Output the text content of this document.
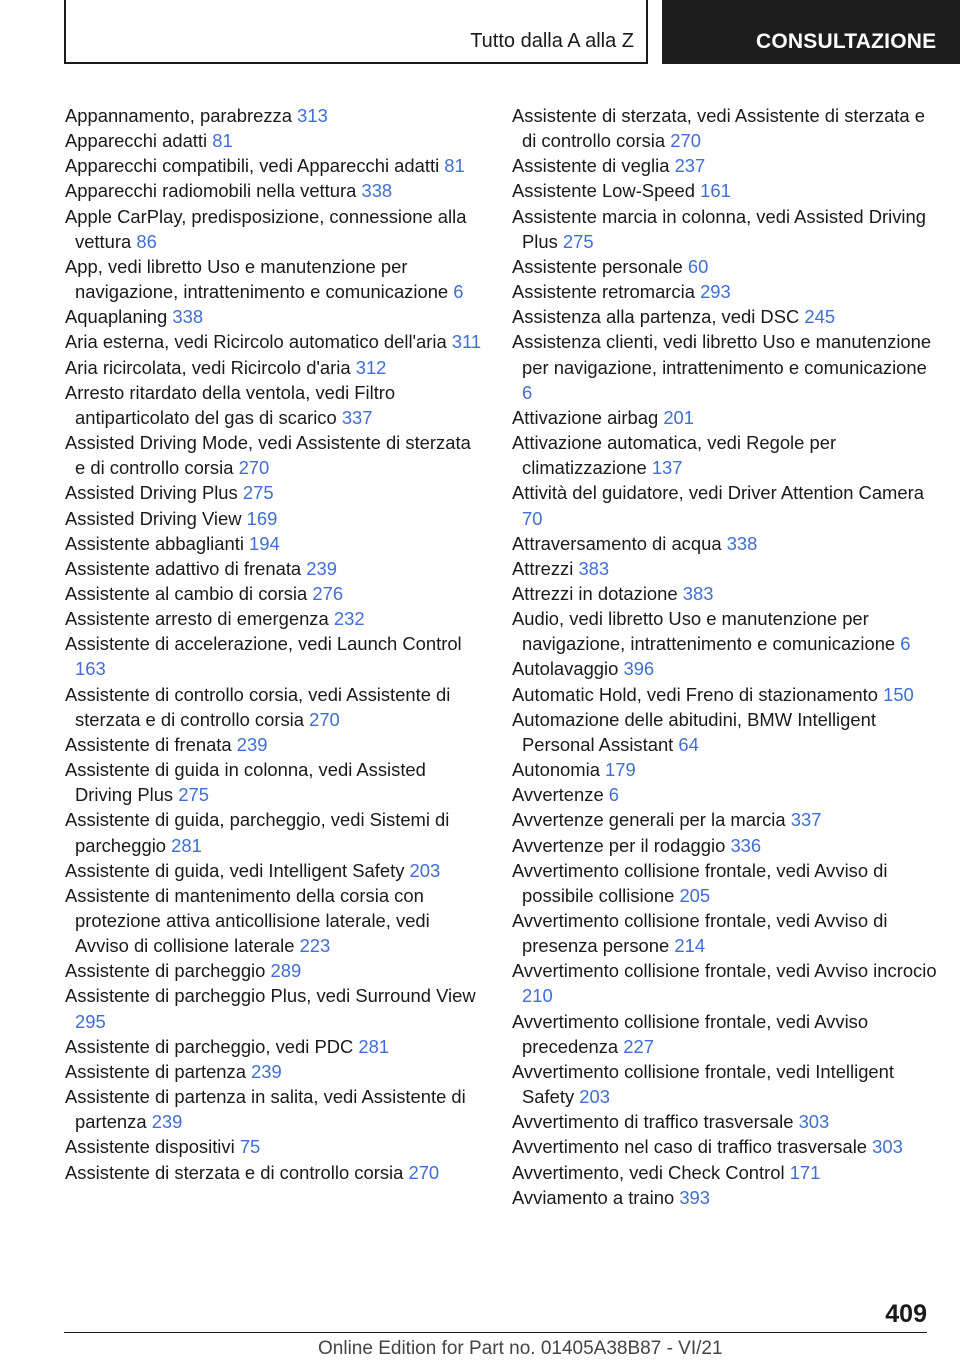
Tutto dalla A alla Z	CONSULTAZIONE

Appannamento, parabrezza 313

Apparecchi adatti 81

Apparecchi compatibili, vedi Apparecchi adatti 81

Apparecchi radiomobili nella vettura 338

Apple CarPlay, predisposizione, connessione alla vettura 86

App, vedi libretto Uso e manutenzione per navigazione, intrattenimento e comunicazione 6

Aquaplaning 338

Aria esterna, vedi Ricircolo automatico dell'aria 311

Aria ricircolata, vedi Ricircolo d'aria 312

Arresto ritardato della ventola, vedi Filtro antiparticolato del gas di scarico 337

Assisted Driving Mode, vedi Assistente di sterzata e di controllo corsia 270

Assisted Driving Plus 275

Assisted Driving View 169

Assistente abbaglianti 194

Assistente adattivo di frenata 239

Assistente al cambio di corsia 276

Assistente arresto di emergenza 232

Assistente di accelerazione, vedi Launch Control 163

Assistente di controllo corsia, vedi Assistente di sterzata e di controllo corsia 270

Assistente di frenata 239

Assistente di guida in colonna, vedi Assisted Driving Plus 275

Assistente di guida, parcheggio, vedi Sistemi di parcheggio 281

Assistente di guida, vedi Intelligent Safety 203

Assistente di mantenimento della corsia con protezione attiva anticollisione laterale, vedi Avviso di collisione laterale 223

Assistente di parcheggio 289

Assistente di parcheggio Plus, vedi Surround View 295

Assistente di parcheggio, vedi PDC 281

Assistente di partenza 239

Assistente di partenza in salita, vedi Assistente di partenza 239

Assistente dispositivi 75

Assistente di sterzata e di controllo corsia 270

Assistente di sterzata, vedi Assistente di sterzata e di controllo corsia 270

Assistente di veglia 237

Assistente Low-Speed 161

Assistente marcia in colonna, vedi Assisted Driving Plus 275

Assistente personale 60

Assistente retromarcia 293

Assistenza alla partenza, vedi DSC 245

Assistenza clienti, vedi libretto Uso e manutenzione per navigazione, intrattenimento e comunicazione 6

Attivazione airbag 201

Attivazione automatica, vedi Regole per climatizzazione 137

Attività del guidatore, vedi Driver Attention Camera 70

Attraversamento di acqua 338

Attrezzi 383

Attrezzi in dotazione 383

Audio, vedi libretto Uso e manutenzione per navigazione, intrattenimento e comunicazione 6

Autolavaggio 396

Automatic Hold, vedi Freno di stazionamento 150

Automazione delle abitudini, BMW Intelligent Personal Assistant 64

Autonomia 179

Avvertenze 6

Avvertenze generali per la marcia 337

Avvertenze per il rodaggio 336

Avvertimento collisione frontale, vedi Avviso di possibile collisione 205

Avvertimento collisione frontale, vedi Avviso di presenza persone 214

Avvertimento collisione frontale, vedi Avviso incrocio 210

Avvertimento collisione frontale, vedi Avviso precedenza 227

Avvertimento collisione frontale, vedi Intelligent Safety 203

Avvertimento di traffico trasversale 303

Avvertimento nel caso di traffico trasversale 303

Avvertimento, vedi Check Control 171

Avviamento a traino 393

409
Online Edition for Part no. 01405A38B87 - VI/21
